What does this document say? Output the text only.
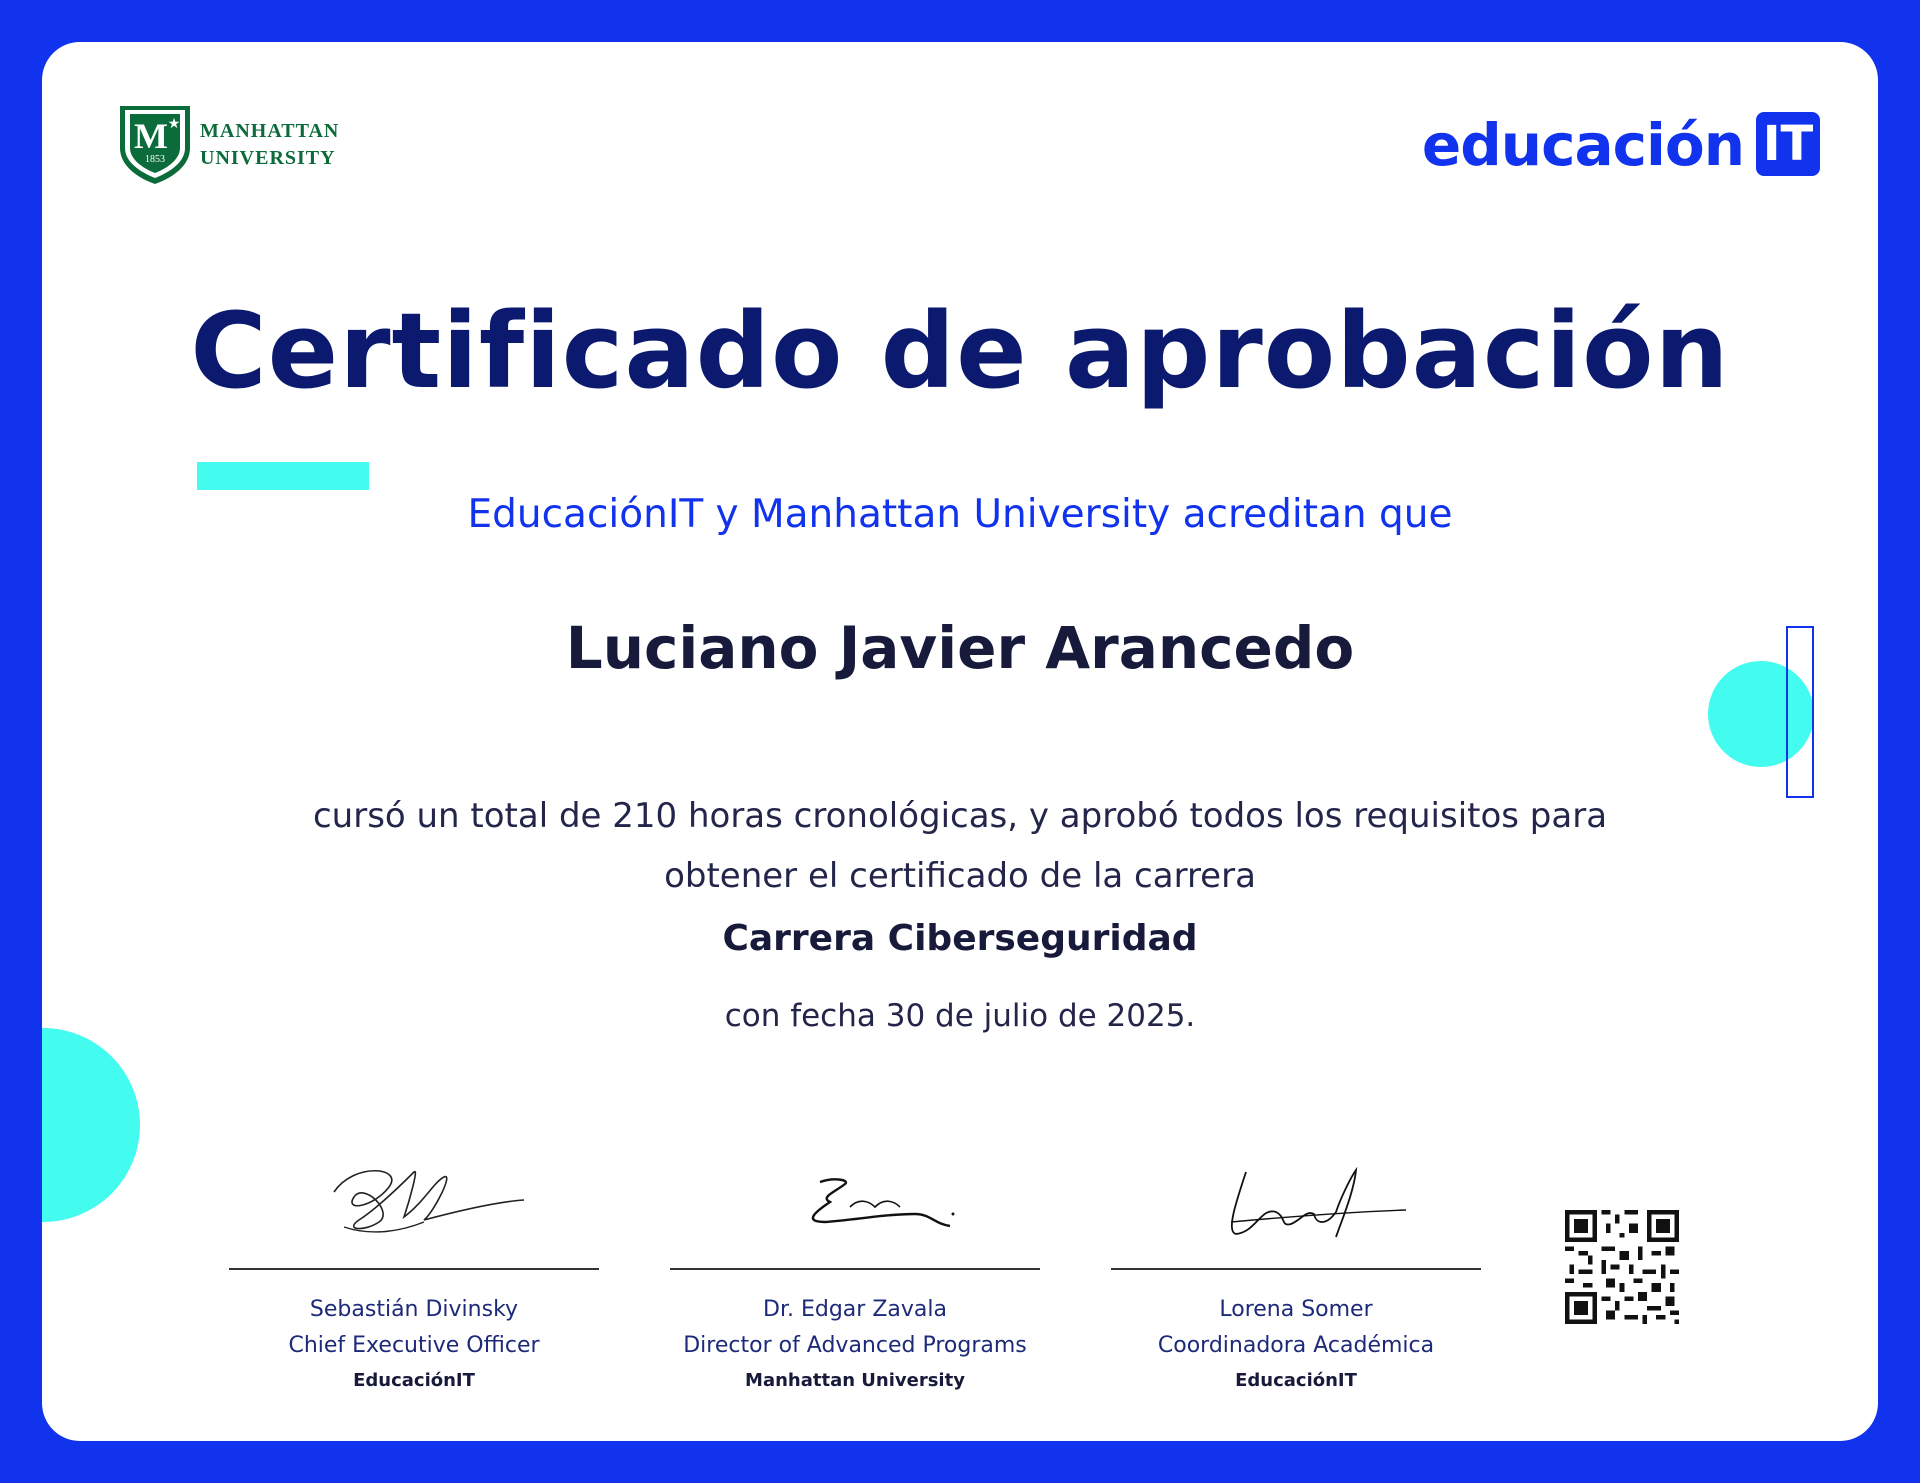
M ★
1853
MANHATTAN
UNIVERSITY	educación IT
Certificado de aprobación
EducaciónIT y Manhattan University acreditan que
Luciano Javier Arancedo
cursó un total de 210 horas cronológicas, y aprobó todos los requisitos para
obtener el certificado de la carrera
Carrera Ciberseguridad
con fecha 30 de julio de 2025.
Sebastián Divinsky
Chief Executive Officer
EducaciónIT
Dr. Edgar Zavala
Director of Advanced Programs
Manhattan University
Lorena Somer
Coordinadora Académica
EducaciónIT
